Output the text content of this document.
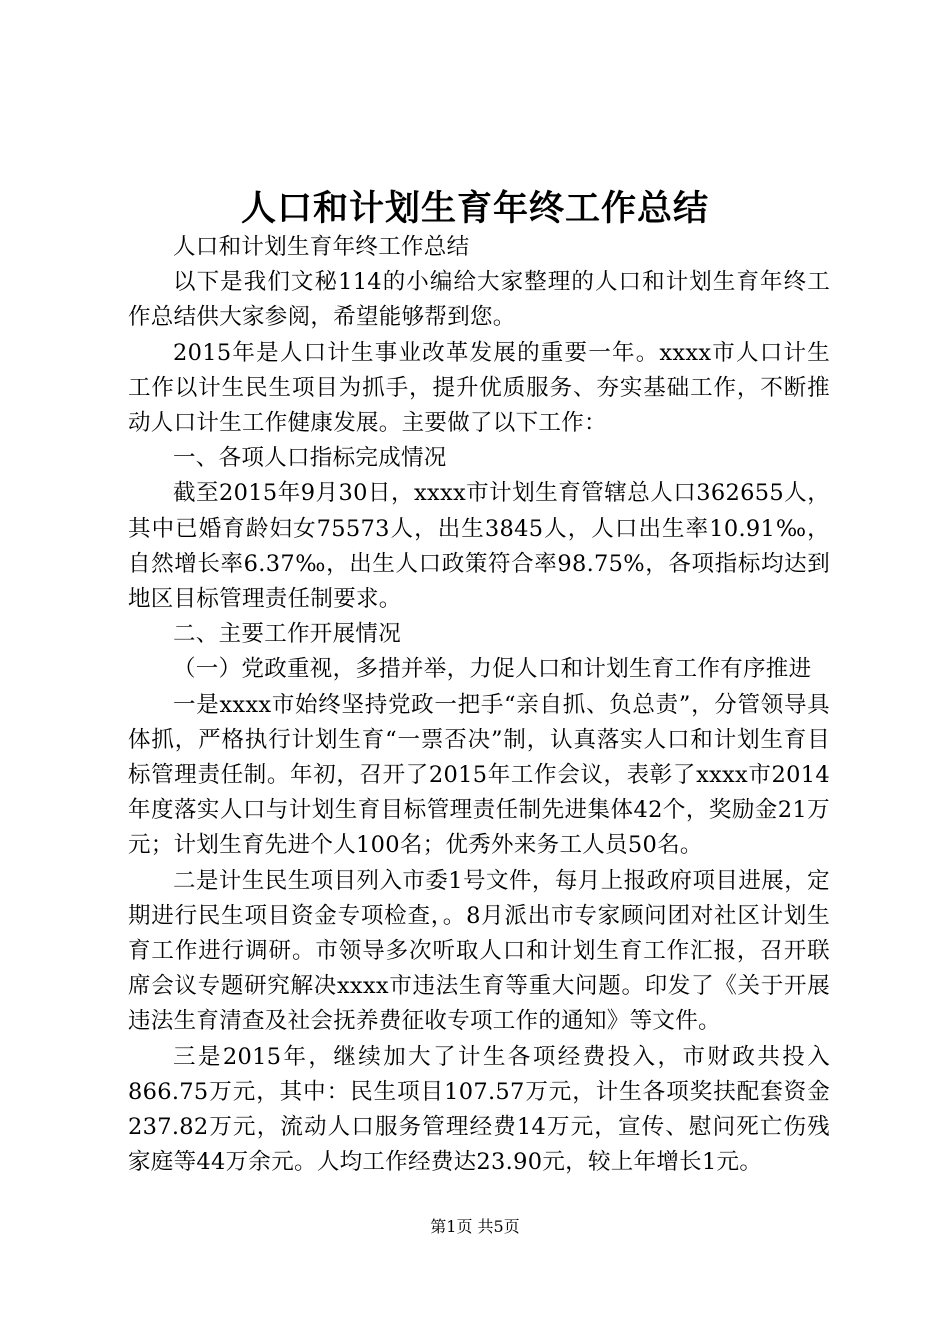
人口和计划生育年终工作总结

人口和计划生育年终工作总结

以下是我们文秘114的小编给大家整理的人口和计划生育年终工作总结供大家参阅，希望能够帮到您。

2015年是人口计生事业改革发展的重要一年。xxxx市人口计生工作以计生民生项目为抓手，提升优质服务、夯实基础工作，不断推动人口计生工作健康发展。主要做了以下工作：

一、各项人口指标完成情况

截至2015年9月30日，xxxx市计划生育管辖总人口362655人，其中已婚育龄妇女75573人，出生3845人，人口出生率10.91‰，自然增长率6.37‰，出生人口政策符合率98.75%，各项指标均达到地区目标管理责任制要求。

二、主要工作开展情况

（一）党政重视，多措并举，力促人口和计划生育工作有序推进

一是xxxx市始终坚持党政一把手“亲自抓、负总责”，分管领导具体抓，严格执行计划生育“一票否决”制，认真落实人口和计划生育目标管理责任制。年初，召开了2015年工作会议，表彰了xxxx市2014年度落实人口与计划生育目标管理责任制先进集体42个，奖励金21万元；计划生育先进个人100名；优秀外来务工人员50名。

二是计生民生项目列入市委1号文件，每月上报政府项目进展，定期进行民生项目资金专项检查，。8月派出市专家顾问团对社区计划生育工作进行调研。市领导多次听取人口和计划生育工作汇报，召开联席会议专题研究解决xxxx市违法生育等重大问题。印发了《关于开展违法生育清查及社会抚养费征收专项工作的通知》等文件。

三是2015年，继续加大了计生各项经费投入，市财政共投入866.75万元，其中：民生项目107.57万元，计生各项奖扶配套资金237.82万元，流动人口服务管理经费14万元，宣传、慰问死亡伤残家庭等44万余元。人均工作经费达23.90元，较上年增长1元。

第1页 共5页
